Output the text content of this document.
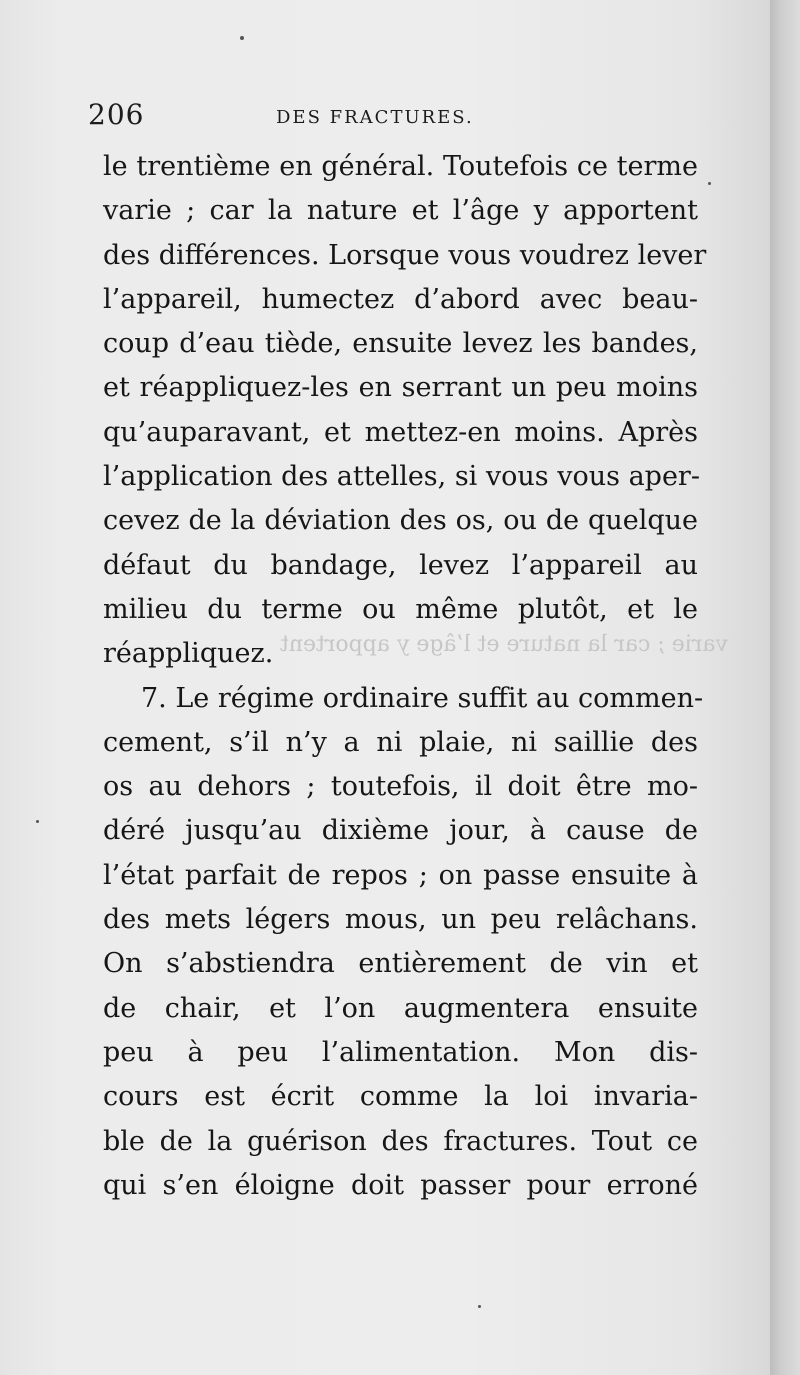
206	DES FRACTURES.
le trentième en général. Toutefois ce terme
varie ; car la nature et l’âge y apportent
des différences. Lorsque vous voudrez lever
l’appareil, humectez d’abord avec beau-
coup d’eau tiède, ensuite levez les bandes,
et réappliquez-les en serrant un peu moins
qu’auparavant, et mettez-en moins. Après
l’application des attelles, si vous vous aper-
cevez de la déviation des os, ou de quelque
défaut du bandage, levez l’appareil au
milieu du terme ou même plutôt, et le
réappliquez.
7. Le régime ordinaire suffit au commen-
cement, s’il n’y a ni plaie, ni saillie des
os au dehors ; toutefois, il doit être mo-
déré jusqu’au dixième jour, à cause de
l’état parfait de repos ; on passe ensuite à
des mets légers mous, un peu relâchans.
On s’abstiendra entièrement de vin et
de chair, et l’on augmentera ensuite
peu à peu l’alimentation. Mon dis-
cours est écrit comme la loi invaria-
ble de la guérison des fractures. Tout ce
qui s’en éloigne doit passer pour erroné
varie ; car la nature et l’âge y apportent
